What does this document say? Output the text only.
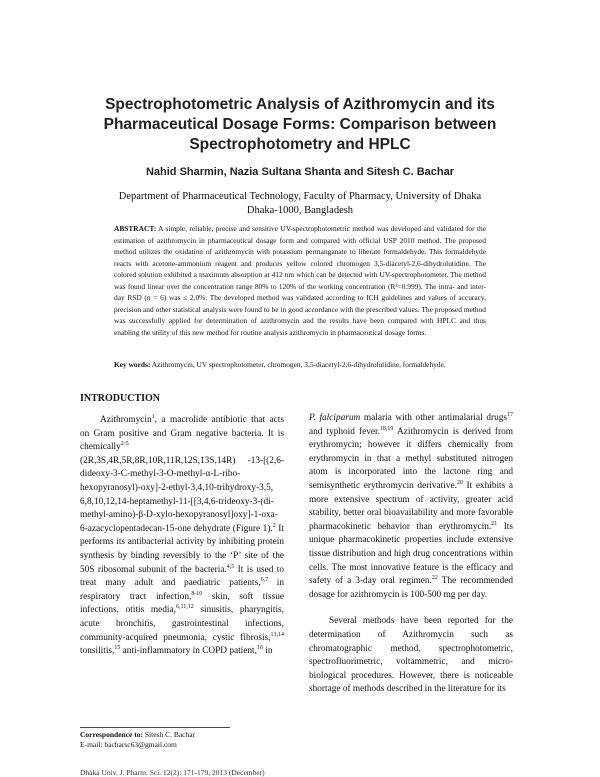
Spectrophotometric Analysis of Azithromycin and its Pharmaceutical Dosage Forms: Comparison between Spectrophotometry and HPLC
Nahid Sharmin, Nazia Sultana Shanta and Sitesh C. Bachar
Department of Pharmaceutical Technology, Faculty of Pharmacy, University of Dhaka Dhaka-1000, Bangladesh
ABSTRACT: A simple, reliable, precise and sensitive UV-spectrophotometric method was developed and validated for the estimation of azithromycin in pharmaceutical dosage form and compared with official USP 2010 method. The proposed method utilizes the oxidation of azithromycin with potassium permanganate to liberate formaldehyde. This formaldehyde reacts with acetone-ammonium reagent and produces yellow colored chromogen 3,5-diacetyl-2,6-dihydrolutidine. The colored solution exhibited a maximum absorption at 412 nm which can be detected with UV-spectrophotometer. The method was found linear over the concentration range 80% to 120% of the working concentration (R²=0.999). The intra- and inter-day RSD (n = 6) was ≤ 2.0%. The developed method was validated according to ICH guidelines and values of accuracy, precision and other statistical analysis were found to be in good accordance with the prescribed values. The proposed method was successfully applied for determination of azithromycin and the results have been compared with HPLC and thus enabling the utility of this new method for routine analysis azithromycin in pharmaceutical dosage forms.
Key words: Azithromycin, UV spectrophotometer, chromogen, 3,5-diacetyl-2,6-dihydrolutidine, formaldehyde.
INTRODUCTION

Azithromycin$^1$, a macrolide antibiotic that acts on Gram positive and Gram negative bacteria. It is chemically$^{2-5}$ (2R,3S,4R,5R,8R,10R,11R,12S,13S,14R) -13-[(2,6-dideoxy-3-C-methyl-3-O-methyl-α-L-ribo-hexopyranosyl)-oxy]-2-ethyl-3,4,10-trihydroxy-3,5, 6,8,10,12,14-heptamethyl-11-[[3,4,6-trideoxy-3-(di-methyl-amino)-β-D-xylo-hexopyranosyl]oxy]-1-oxa-6-azacyclopentadecan-15-one dehydrate (Figure 1).$^2$ It performs its antibacterial activity by inhibiting protein synthesis by binding reversibly to the ‘P’ site of the 50S ribosomal subunit of the bacteria.$^{4,5}$ It is used to treat many adult and paediatric patients,$^{6,7}$ in respiratory tract infection,$^{8-10}$ skin, soft tissue infections, otitis media,$^{6,11,12}$ sinusitis, pharyngitis, acute bronchitis, gastrointestinal infections, community-acquired pneumonia, cystic fibrosis,$^{13,14}$ tonsilitis,$^{15}$ anti-inflammatory in COPD patient,$^{16}$ in

P. falciparum malaria with other antimalarial drugs$^{17}$ and typhoid fever.$^{18,19}$ Azithromycin is derived from erythromycin; however it differs chemically from erythromycin in that a methyl substituted nitrogen atom is incorporated into the lactone ring and semisynthetic erythromycin derivative.$^{20}$ It exhibits a more extensive spectrum of activity, greater acid stability, better oral bioavailability and more favorable pharmacokinetic behavior than erythromycin.$^{21}$ Its unique pharmacokinetic properties include extensive tissue distribution and high drug concentrations within cells. The most innovative feature is the efficacy and safety of a 3-day oral regimen.$^{22}$ The recommended dosage for azithromycin is 100-500 mg per day.

Several methods have been reported for the determination of Azithromycin such as chromatographic method, spectrophotometric, spectrofluorimetric, voltammetric, and micro-biological procedures. However, there is noticeable shortage of methods described in the literature for its

Correspondence to: Sitesh C. Bachar
E-mail: bacharsc63@gmail.com
Dhaka Univ. J. Pharm. Sci. 12(2): 171-179, 2013 (December)
